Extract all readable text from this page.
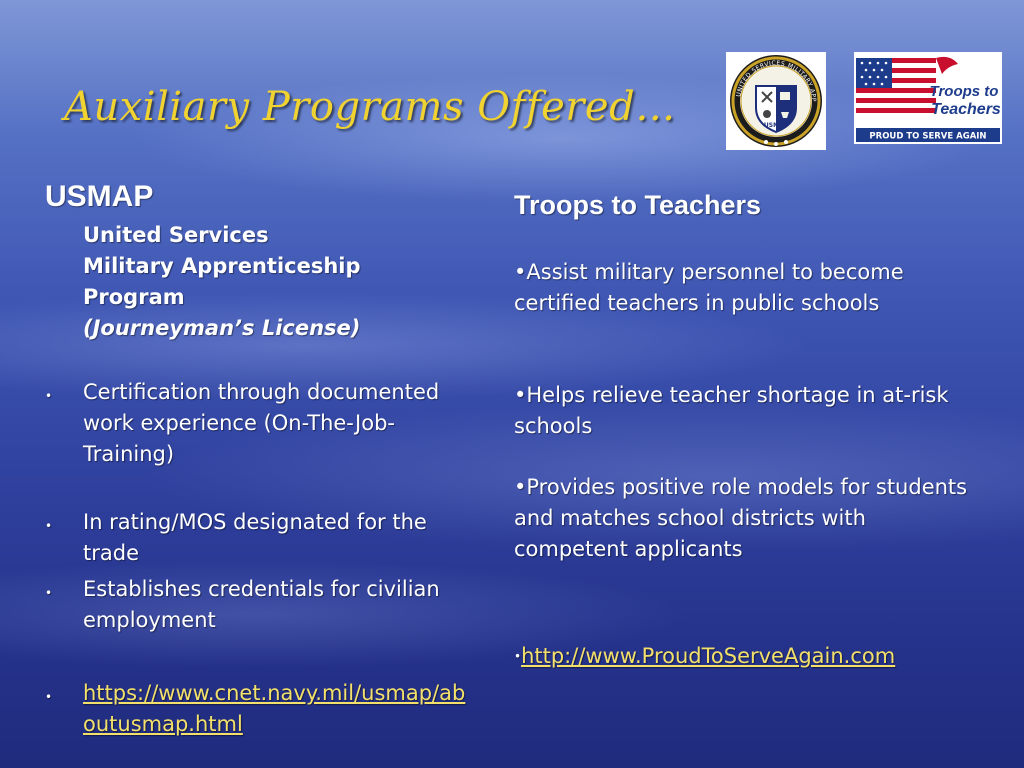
Auxiliary Programs Offered…	UNITED SERVICES MILITARY APP
USMAP
Troops to
Teachers
PROUD TO SERVE AGAIN
USMAP
United Services
Military Apprenticeship
Program
(Journeyman’s License)
• Certification through documented work experience (On-The-Job-Training)
• In rating/MOS designated for the trade
• Establishes credentials for civilian employment
• https://www.cnet.navy.mil/usmap/aboutusmap.html
Troops to Teachers
•Assist military personnel to become certified teachers in public schools
•Helps relieve teacher shortage in at-risk schools
•Provides positive role models for students and matches school districts with competent applicants
•http://www.ProudToServeAgain.com
